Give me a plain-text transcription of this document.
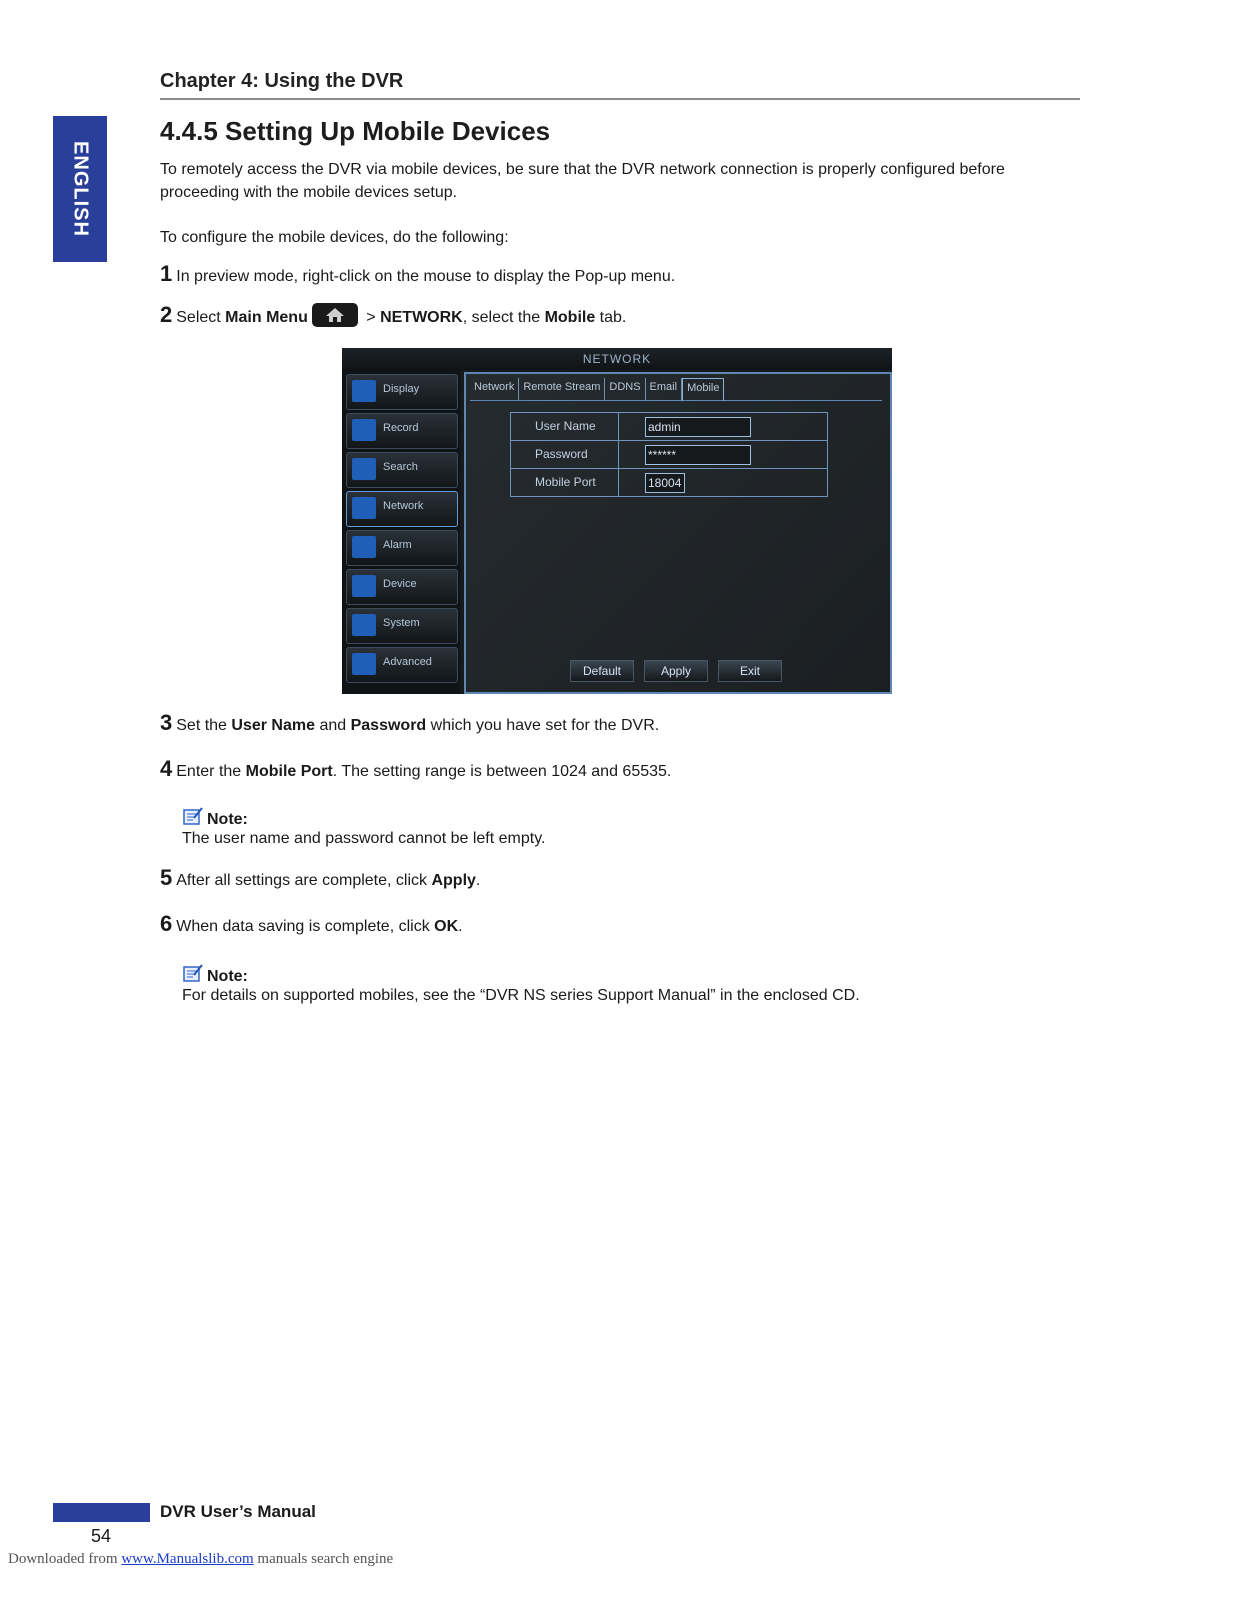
Chapter 4: Using the DVR
ENGLISH
4.4.5 Setting Up Mobile Devices
To remotely access the DVR via mobile devices, be sure that the DVR network connection is properly configured before proceeding with the mobile devices setup.
To configure the mobile devices, do the following:
1 In preview mode, right-click on the mouse to display the Pop-up menu.
2 Select Main Menu	> NETWORK, select the Mobile tab.
NETWORK
Display
Record
Search
Network
Alarm
Device
System
Advanced
Network Remote Stream DDNS Email Mobile
User Name	admin
Password	******
Mobile Port	18004
Default	Apply	Exit
3 Set the User Name and Password which you have set for the DVR.
4 Enter the Mobile Port. The setting range is between 1024 and 65535.
Note:
The user name and password cannot be left empty.
5 After all settings are complete, click Apply.
6 When data saving is complete, click OK.
Note:
For details on supported mobiles, see the “DVR NS series Support Manual” in the enclosed CD.
DVR User’s Manual
54
Downloaded from www.Manualslib.com manuals search engine
